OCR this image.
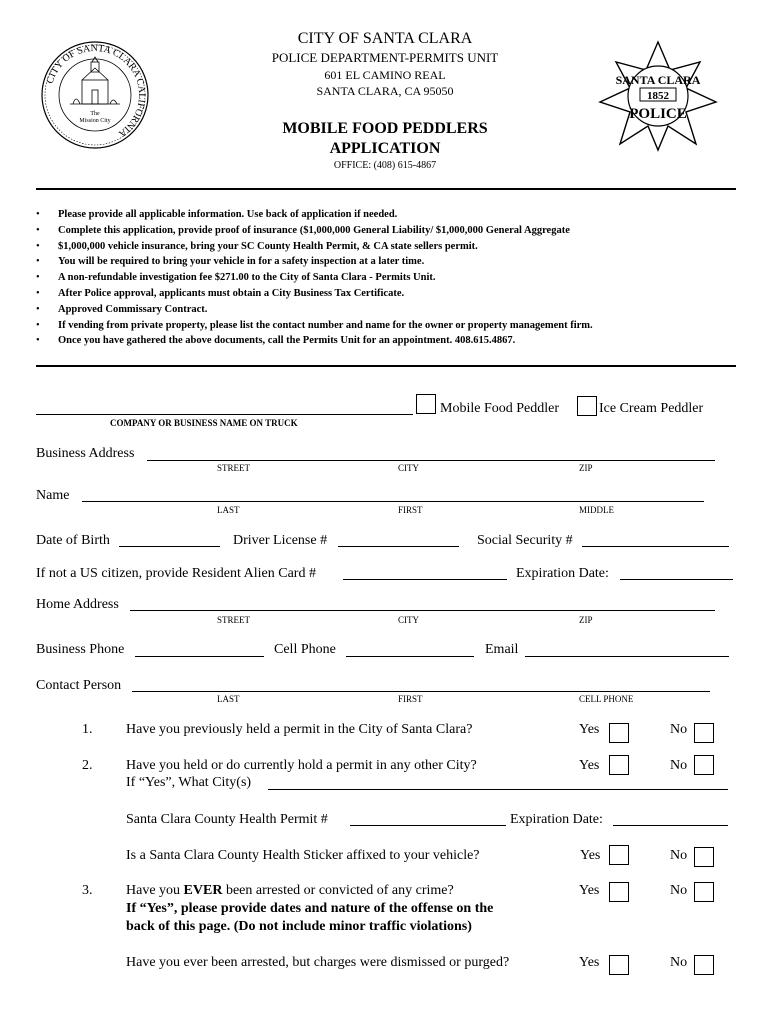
CITY OF SANTA CLARA CALIFORNIA
The
Mission City
CITY OF SANTA CLARA
POLICE DEPARTMENT-PERMITS UNIT
601 EL CAMINO REAL
SANTA CLARA, CA 95050
MOBILE FOOD PEDDLERS
APPLICATION
OFFICE: (408) 615-4867
SANTA CLARA
1852
POLICE
• Please provide all applicable information. Use back of application if needed.
• Complete this application, provide proof of insurance ($1,000,000 General Liability/ $1,000,000 General Aggregate
• $1,000,000 vehicle insurance, bring your SC County Health Permit, & CA state sellers permit.
• You will be required to bring your vehicle in for a safety inspection at a later time.
• A non-refundable investigation fee $271.00 to the City of Santa Clara - Permits Unit.
• After Police approval, applicants must obtain a City Business Tax Certificate.
• Approved Commissary Contract.
• If vending from private property, please list the contact number and name for the owner or property management firm.
• Once you have gathered the above documents, call the Permits Unit for an appointment. 408.615.4867.
Mobile Food Peddler	Ice Cream Peddler
COMPANY OR BUSINESS NAME ON TRUCK
Business Address
STREET	CITY	ZIP
Name
LAST	FIRST	MIDDLE
Date of Birth	Driver License #	Social Security #
If not a US citizen, provide Resident Alien Card #	Expiration Date:
Home Address
STREET	CITY	ZIP
Business Phone	Cell Phone	Email
Contact Person
LAST	FIRST	CELL PHONE
1. Have you previously held a permit in the City of Santa Clara?	Yes	No
2. Have you held or do currently hold a permit in any other City?	Yes	No
If “Yes”, What City(s)
Santa Clara County Health Permit #	Expiration Date:
Is a Santa Clara County Health Sticker affixed to your vehicle?	Yes	No
3. Have you EVER been arrested or convicted of any crime?
If “Yes”, please provide dates and nature of the offense on the
back of this page. (Do not include minor traffic violations)
Yes	No
Have you ever been arrested, but charges were dismissed or purged?	Yes	No
